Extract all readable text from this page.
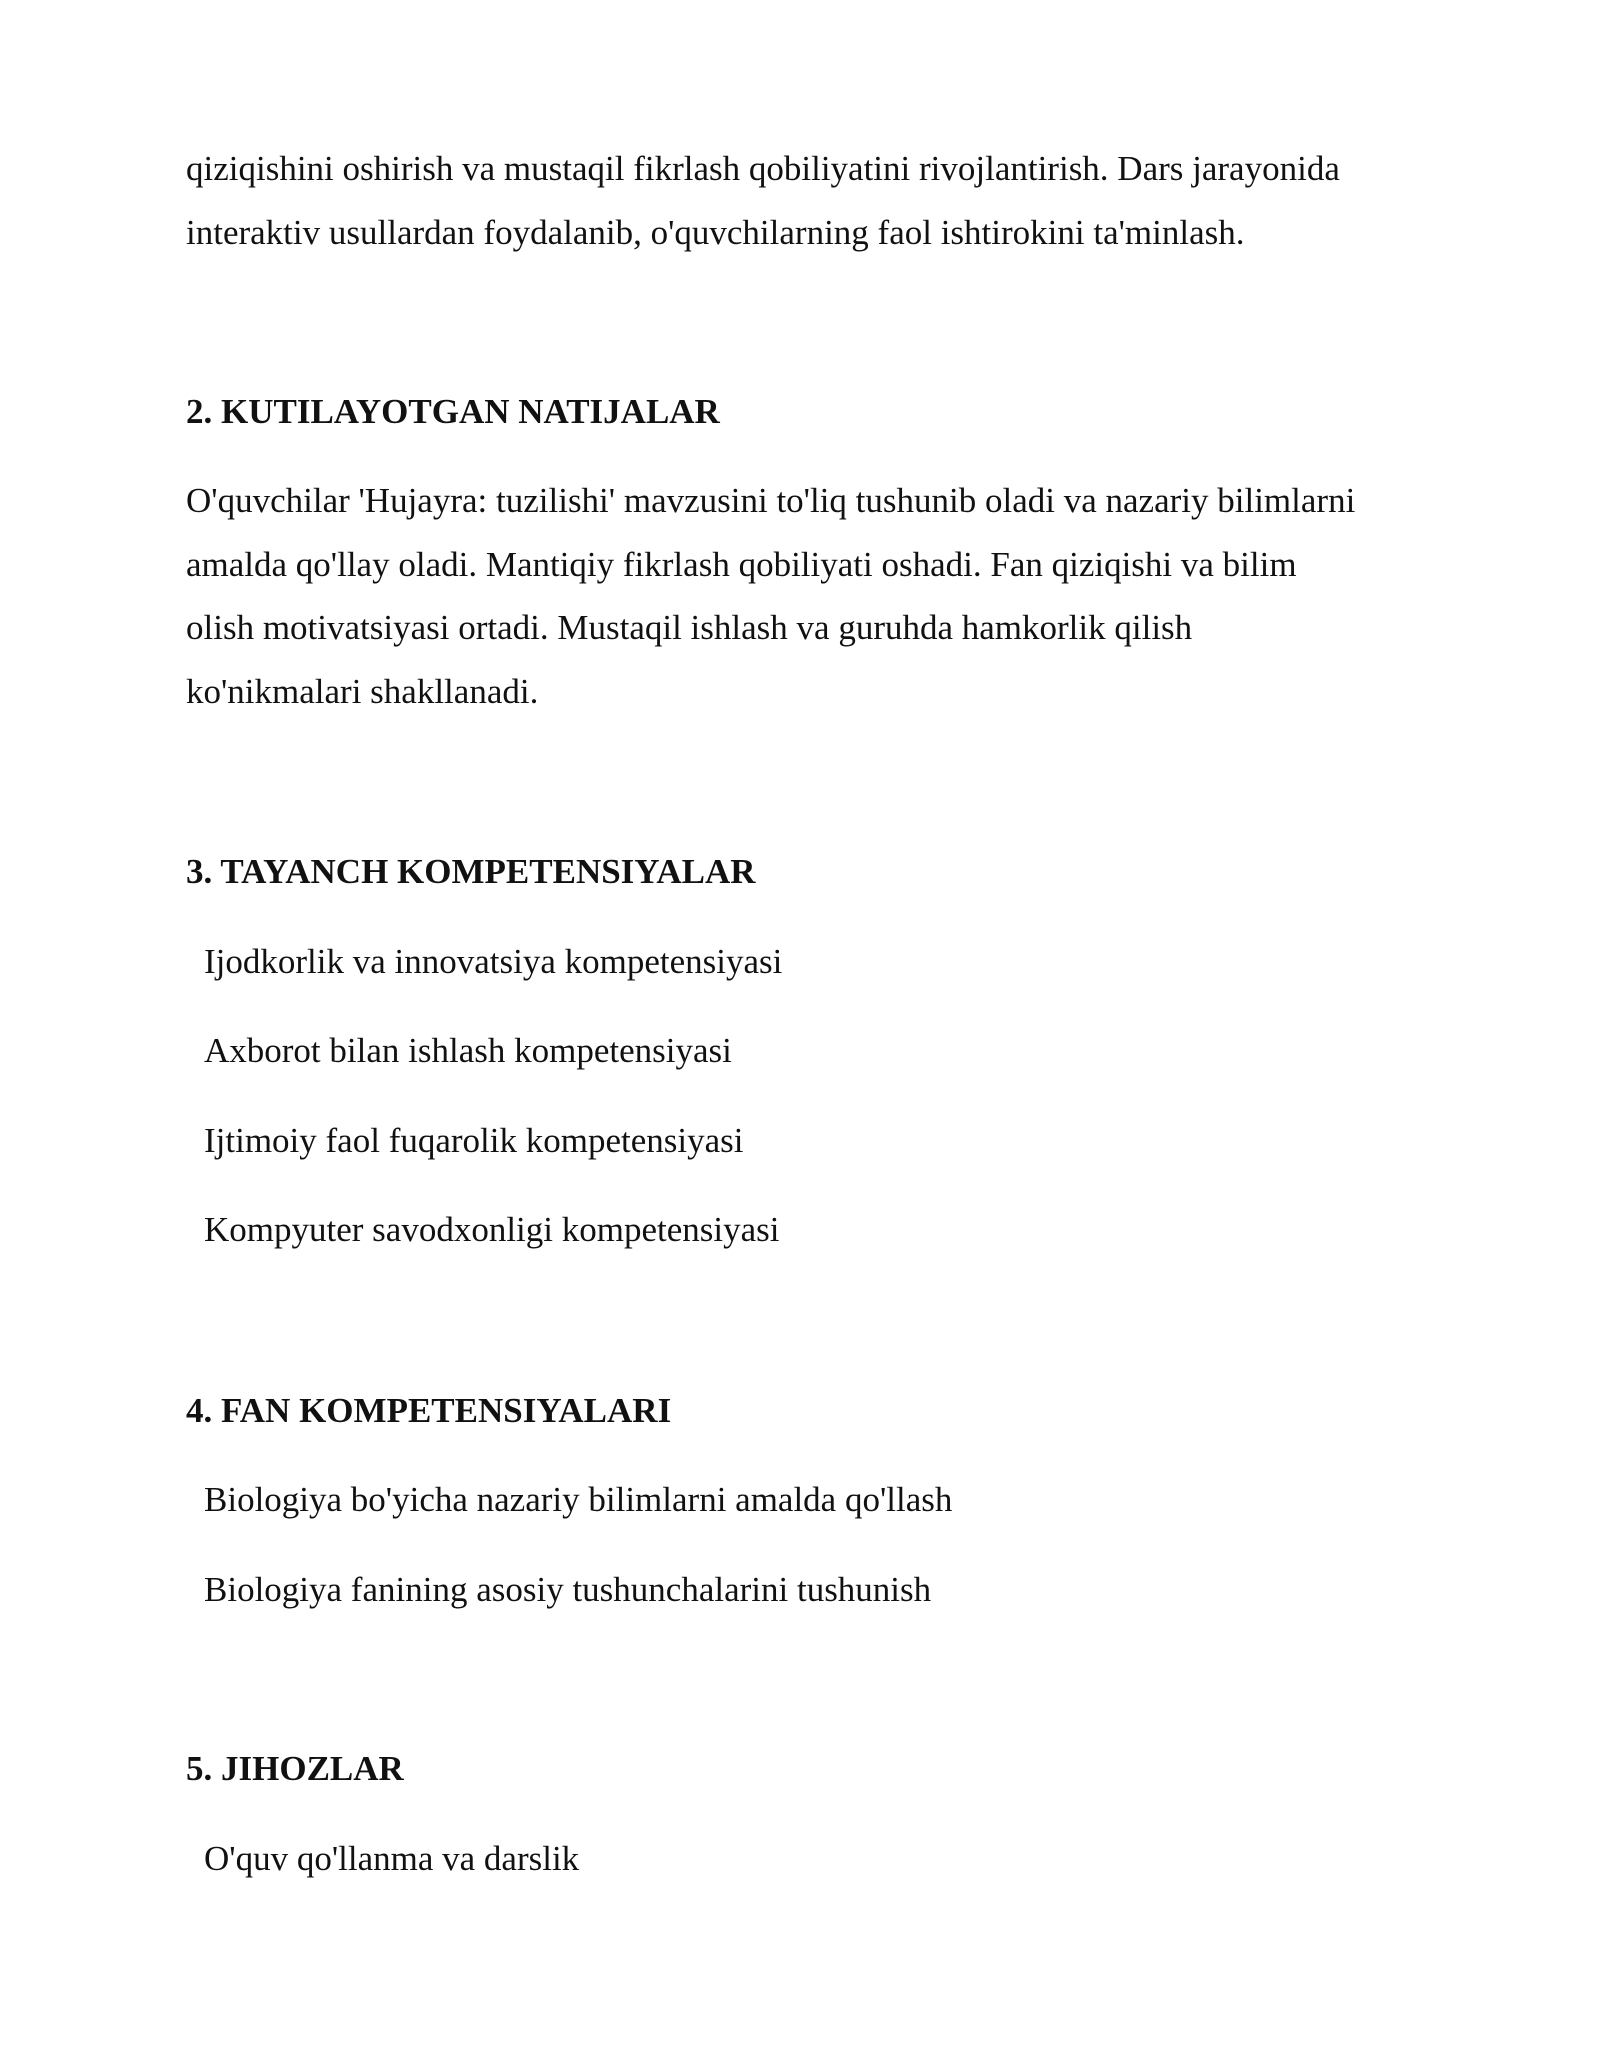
qiziqishini oshirish va mustaqil fikrlash qobiliyatini rivojlantirish. Dars jarayonida
interaktiv usullardan foydalanib, o'quvchilarning faol ishtirokini ta'minlash.
2. KUTILAYOTGAN NATIJALAR
O'quvchilar 'Hujayra: tuzilishi' mavzusini to'liq tushunib oladi va nazariy bilimlarni
amalda qo'llay oladi. Mantiqiy fikrlash qobiliyati oshadi. Fan qiziqishi va bilim
olish motivatsiyasi ortadi. Mustaqil ishlash va guruhda hamkorlik qilish
ko'nikmalari shakllanadi.
3. TAYANCH KOMPETENSIYALAR
Ijodkorlik va innovatsiya kompetensiyasi
Axborot bilan ishlash kompetensiyasi
Ijtimoiy faol fuqarolik kompetensiyasi
Kompyuter savodxonligi kompetensiyasi
4. FAN KOMPETENSIYALARI
Biologiya bo'yicha nazariy bilimlarni amalda qo'llash
Biologiya fanining asosiy tushunchalarini tushunish
5. JIHOZLAR
O'quv qo'llanma va darslik
